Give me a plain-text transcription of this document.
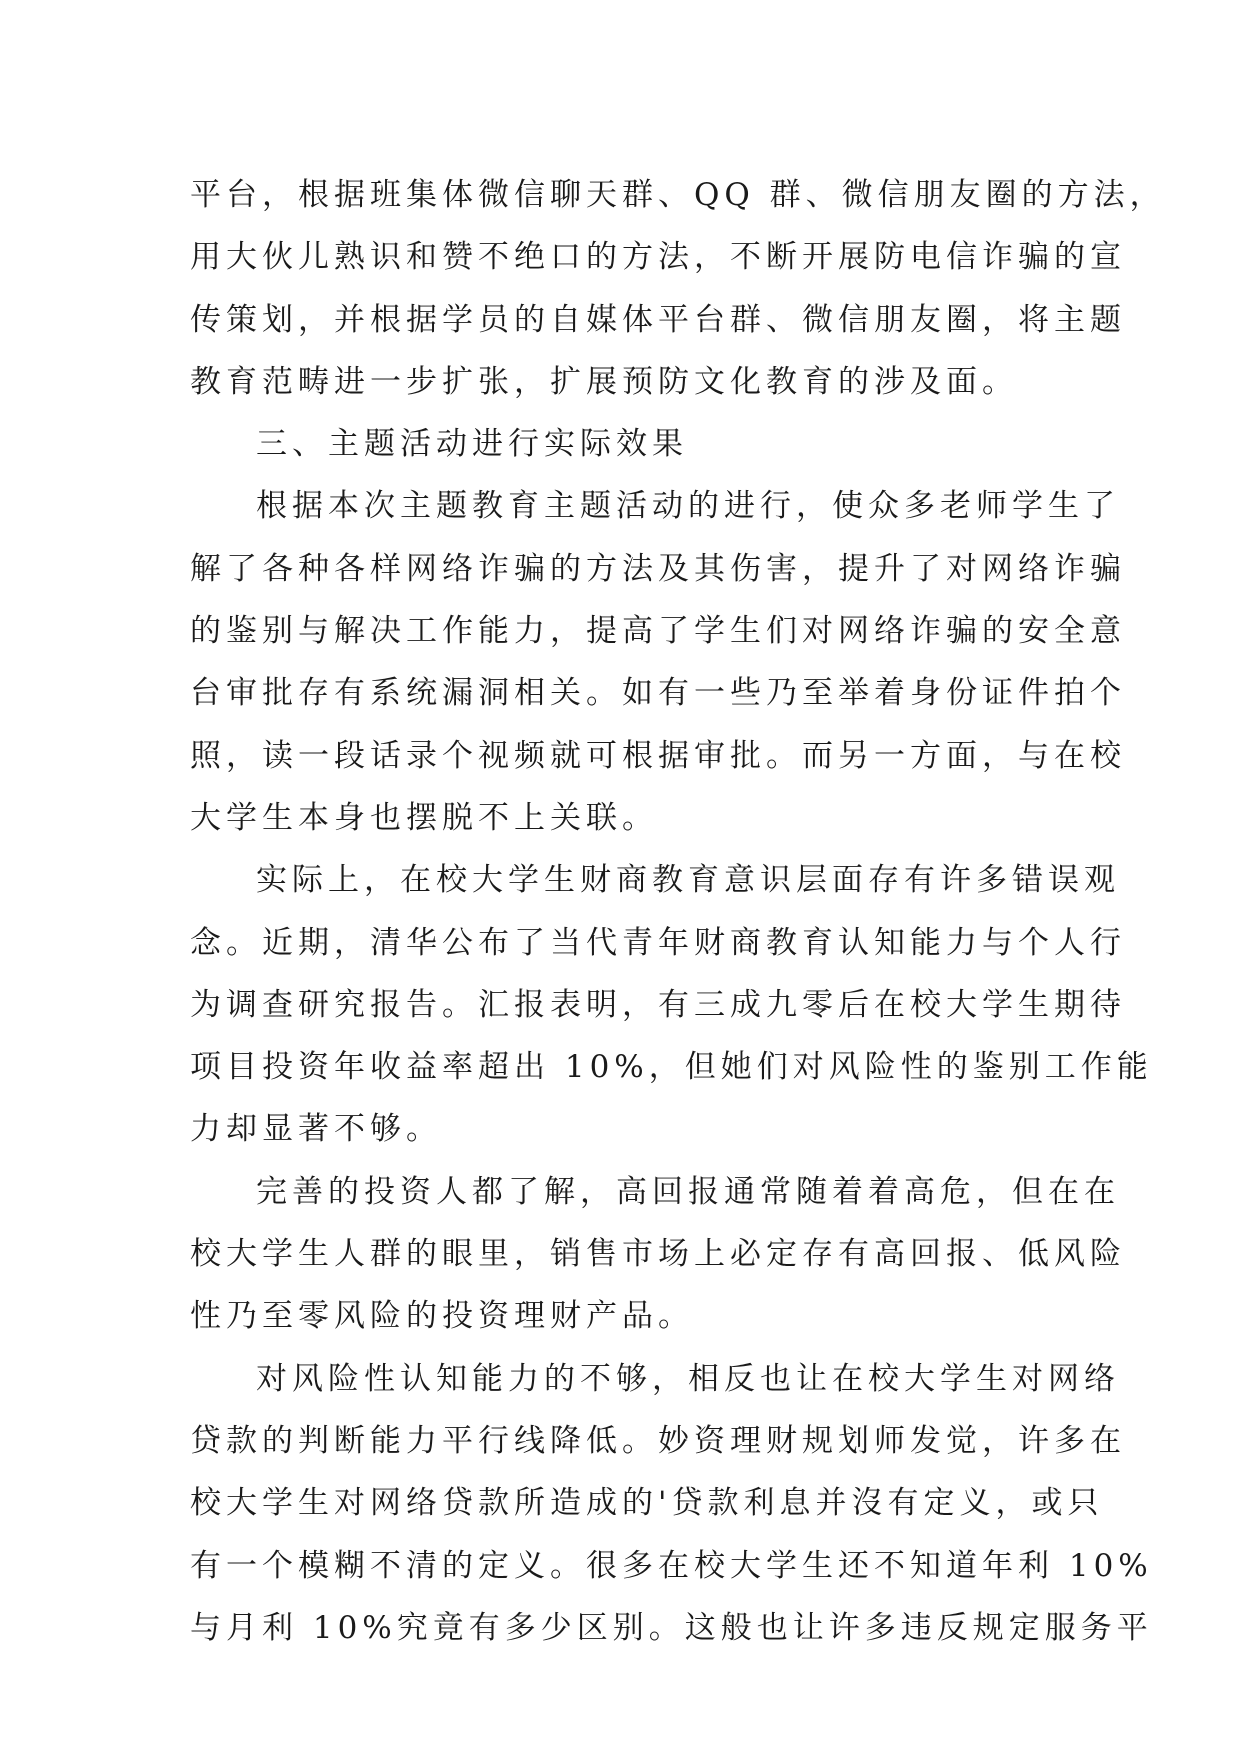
平台，根据班集体微信聊天群、QQ 群、微信朋友圈的方法，
用大伙儿熟识和赞不绝口的方法，不断开展防电信诈骗的宣
传策划，并根据学员的自媒体平台群、微信朋友圈，将主题
教育范畴进一步扩张，扩展预防文化教育的涉及面。
三、主题活动进行实际效果
根据本次主题教育主题活动的进行，使众多老师学生了
解了各种各样网络诈骗的方法及其伤害，提升了对网络诈骗
的鉴别与解决工作能力，提高了学生们对网络诈骗的安全意
台审批存有系统漏洞相关。如有一些乃至举着身份证件拍个
照，读一段话录个视频就可根据审批。而另一方面，与在校
大学生本身也摆脱不上关联。
实际上，在校大学生财商教育意识层面存有许多错误观
念。近期，清华公布了当代青年财商教育认知能力与个人行
为调查研究报告。汇报表明，有三成九零后在校大学生期待
项目投资年收益率超出 10%，但她们对风险性的鉴别工作能
力却显著不够。
完善的投资人都了解，高回报通常随着着高危，但在在
校大学生人群的眼里，销售市场上必定存有高回报、低风险
性乃至零风险的投资理财产品。
对风险性认知能力的不够，相反也让在校大学生对网络
贷款的判断能力平行线降低。妙资理财规划师发觉，许多在
校大学生对网络贷款所造成的'贷款利息并沒有定义，或只
有一个模糊不清的定义。很多在校大学生还不知道年利 10%
与月利 10%究竟有多少区别。这般也让许多违反规定服务平
